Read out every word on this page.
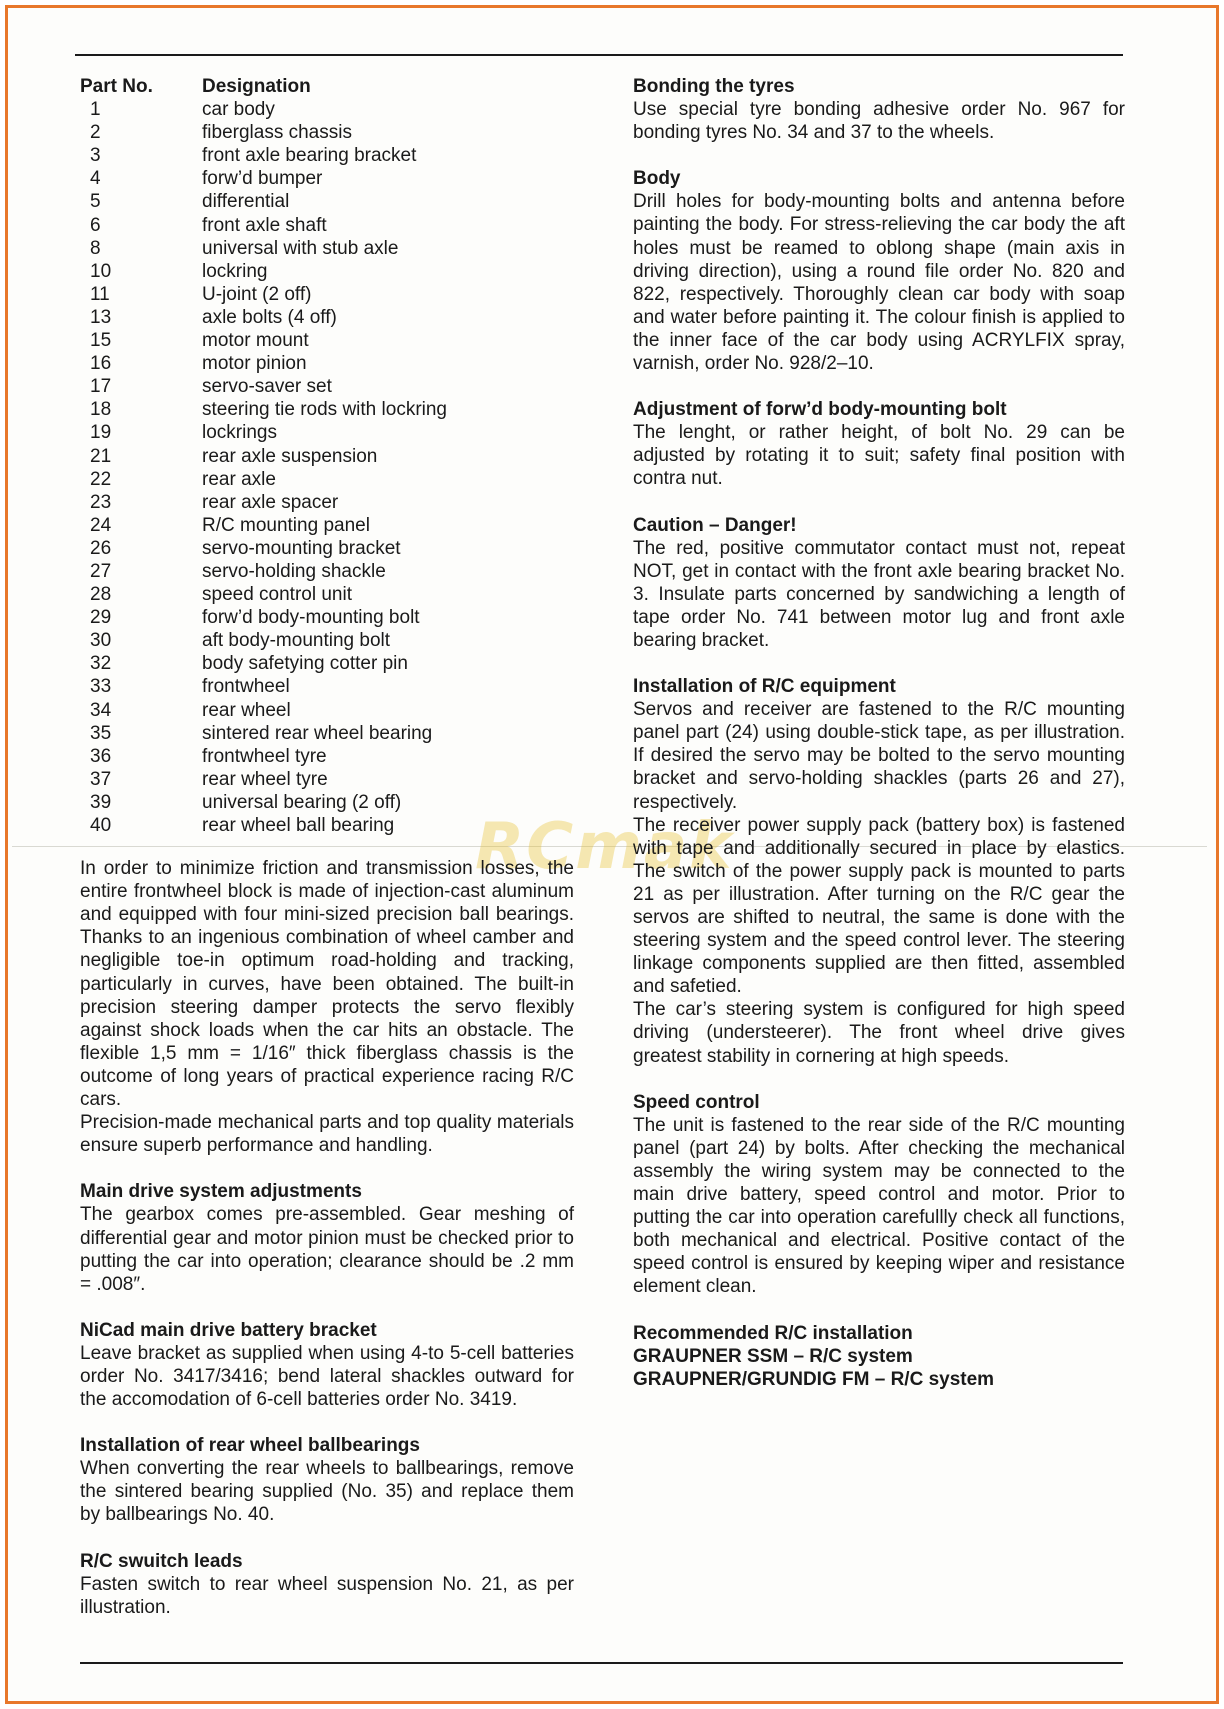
RCmak
Part No.	Designation
1	car body
2	fiberglass chassis
3	front axle bearing bracket
4	forw’d bumper
5	differential
6	front axle shaft
8	universal with stub axle
10	lockring
11	U-joint (2 off)
13	axle bolts (4 off)
15	motor mount
16	motor pinion
17	servo-saver set
18	steering tie rods with lockring
19	lockrings
21	rear axle suspension
22	rear axle
23	rear axle spacer
24	R/C mounting panel
26	servo-mounting bracket
27	servo-holding shackle
28	speed control unit
29	forw’d body-mounting bolt
30	aft body-mounting bolt
32	body safetying cotter pin
33	frontwheel
34	rear wheel
35	sintered rear wheel bearing
36	frontwheel tyre
37	rear wheel tyre
39	universal bearing (2 off)
40	rear wheel ball bearing
In order to minimize friction and transmission losses, the entire frontwheel block is made of injection-cast aluminum and equipped with four mini-sized precision ball bearings. Thanks to an ingenious combination of wheel camber and negligible toe-in optimum road-holding and tracking, particularly in curves, have been obtained. The built-in precision steering damper protects the servo flexibly against shock loads when the car hits an obstacle. The flexible 1,5 mm = 1/16″ thick fiberglass chassis is the outcome of long years of practical experience racing R/C cars.
Precision-made mechanical parts and top quality materials ensure superb performance and handling.
Main drive system adjustments
The gearbox comes pre-assembled. Gear meshing of differential gear and motor pinion must be checked prior to putting the car into operation; clearance should be .2 mm = .008″.
NiCad main drive battery bracket
Leave bracket as supplied when using 4-to 5-cell batteries order No. 3417/3416; bend lateral shackles outward for the accomodation of 6-cell batteries order No. 3419.
Installation of rear wheel ballbearings
When converting the rear wheels to ballbearings, remove the sintered bearing supplied (No. 35) and replace them by ballbearings No. 40.
R/C swuitch leads
Fasten switch to rear wheel suspension No. 21, as per illustration.
Bonding the tyres
Use special tyre bonding adhesive order No. 967 for bonding tyres No. 34 and 37 to the wheels.
Body
Drill holes for body-mounting bolts and antenna before painting the body. For stress-relieving the car body the aft holes must be reamed to oblong shape (main axis in driving direction), using a round file order No. 820 and 822, respectively. Thoroughly clean car body with soap and water before painting it. The colour finish is applied to the inner face of the car body using ACRYLFIX spray, varnish, order No. 928/2–10.
Adjustment of forw’d body-mounting bolt
The lenght, or rather height, of bolt No. 29 can be adjusted by rotating it to suit; safety final position with contra nut.
Caution – Danger!
The red, positive commutator contact must not, repeat NOT, get in contact with the front axle bearing bracket No. 3. Insulate parts concerned by sandwiching a length of tape order No. 741 between motor lug and front axle bearing bracket.
Installation of R/C equipment
Servos and receiver are fastened to the R/C mounting panel part (24) using double-stick tape, as per illustration. If desired the servo may be bolted to the servo mounting bracket and servo-holding shackles (parts 26 and 27), respectively.
The receiver power supply pack (battery box) is fastened with tape and additionally secured in place by elastics. The switch of the power supply pack is mounted to parts 21 as per illustration. After turning on the R/C gear the servos are shifted to neutral, the same is done with the steering system and the speed control lever. The steering linkage components supplied are then fitted, assembled and safetied.
The car’s steering system is configured for high speed driving (understeerer). The front wheel drive gives greatest stability in cornering at high speeds.
Speed control
The unit is fastened to the rear side of the R/C mounting panel (part 24) by bolts. After checking the mechanical assembly the wiring system may be connected to the main drive battery, speed control and motor. Prior to putting the car into operation carefullly check all functions, both mechanical and electrical. Positive contact of the speed control is ensured by keeping wiper and resistance element clean.
Recommended R/C installation
GRAUPNER SSM – R/C system
GRAUPNER/GRUNDIG FM – R/C system
